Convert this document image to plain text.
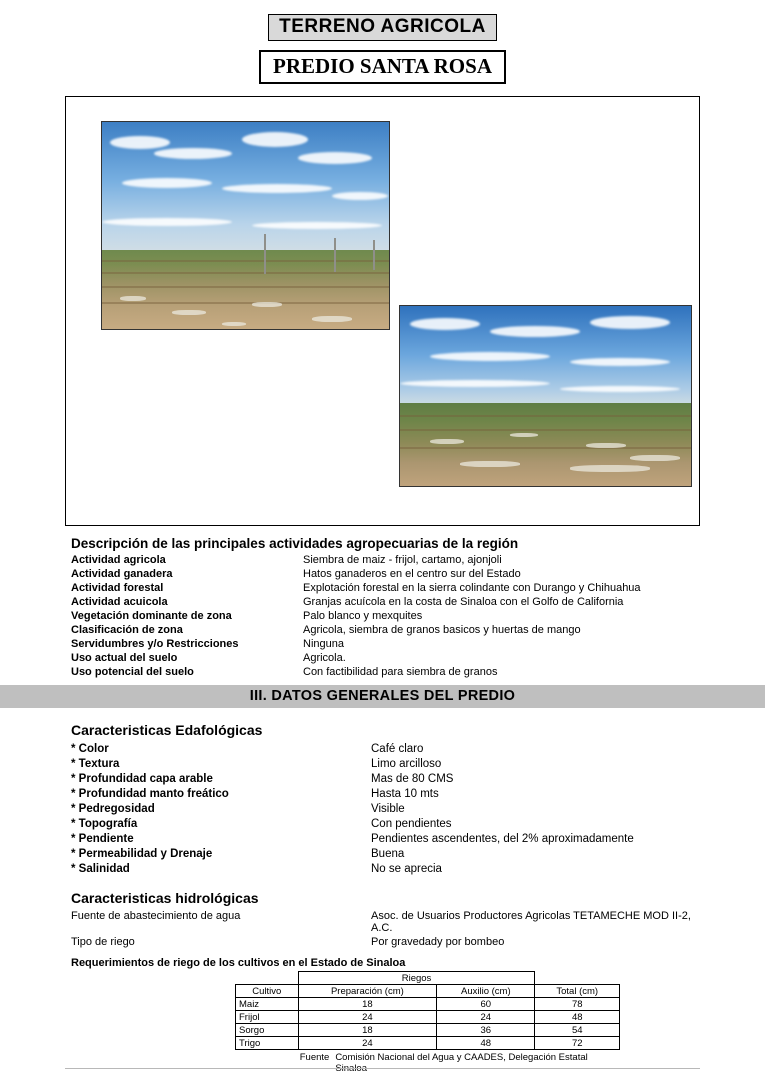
TERRENO AGRICOLA
PREDIO SANTA ROSA
Descripción de las principales actividades agropecuarias de la región
Actividad agricola	Siembra de maiz - frijol, cartamo, ajonjoli
Actividad ganadera	Hatos ganaderos en el centro sur del Estado
Actividad forestal	Explotación forestal en la sierra colindante con Durango y Chihuahua
Actividad acuicola	Granjas acuícola en la costa de Sinaloa con el Golfo de California
Vegetación dominante de zona	Palo blanco y mexquites
Clasificación de zona	Agricola, siembra de granos basicos y huertas de mango
Servidumbres y/o Restricciones	Ninguna
Uso actual del suelo	Agricola.
Uso potencial del suelo	Con factibilidad para siembra de granos
III. DATOS GENERALES DEL PREDIO
Caracteristicas Edafológicas
* Color	Café claro
* Textura	Limo arcilloso
* Profundidad capa arable	Mas de 80 CMS
* Profundidad manto freático	Hasta 10 mts
* Pedregosidad	Visible
* Topografía	Con pendientes
* Pendiente	Pendientes ascendentes, del 2% aproximadamente
* Permeabilidad y Drenaje	Buena
* Salinidad	No se aprecia
Caracteristicas hidrológicas
Fuente de abastecimiento de agua	Asoc. de Usuarios Productores Agricolas TETAMECHE MOD II-2, A.C.
Tipo de riego	Por gravedady por bombeo
Requerimientos de riego de los cultivos en el Estado de Sinaloa
	Riegos		
Cultivo	Preparación (cm)	Auxilio (cm)	Total (cm)
Maiz	18	60	78
Frijol	24	24	48
Sorgo	18	36	54
Trigo	24	48	72
Fuente Comisión Nacional del Agua y CAADES, Delegación Estatal Sinaloa
